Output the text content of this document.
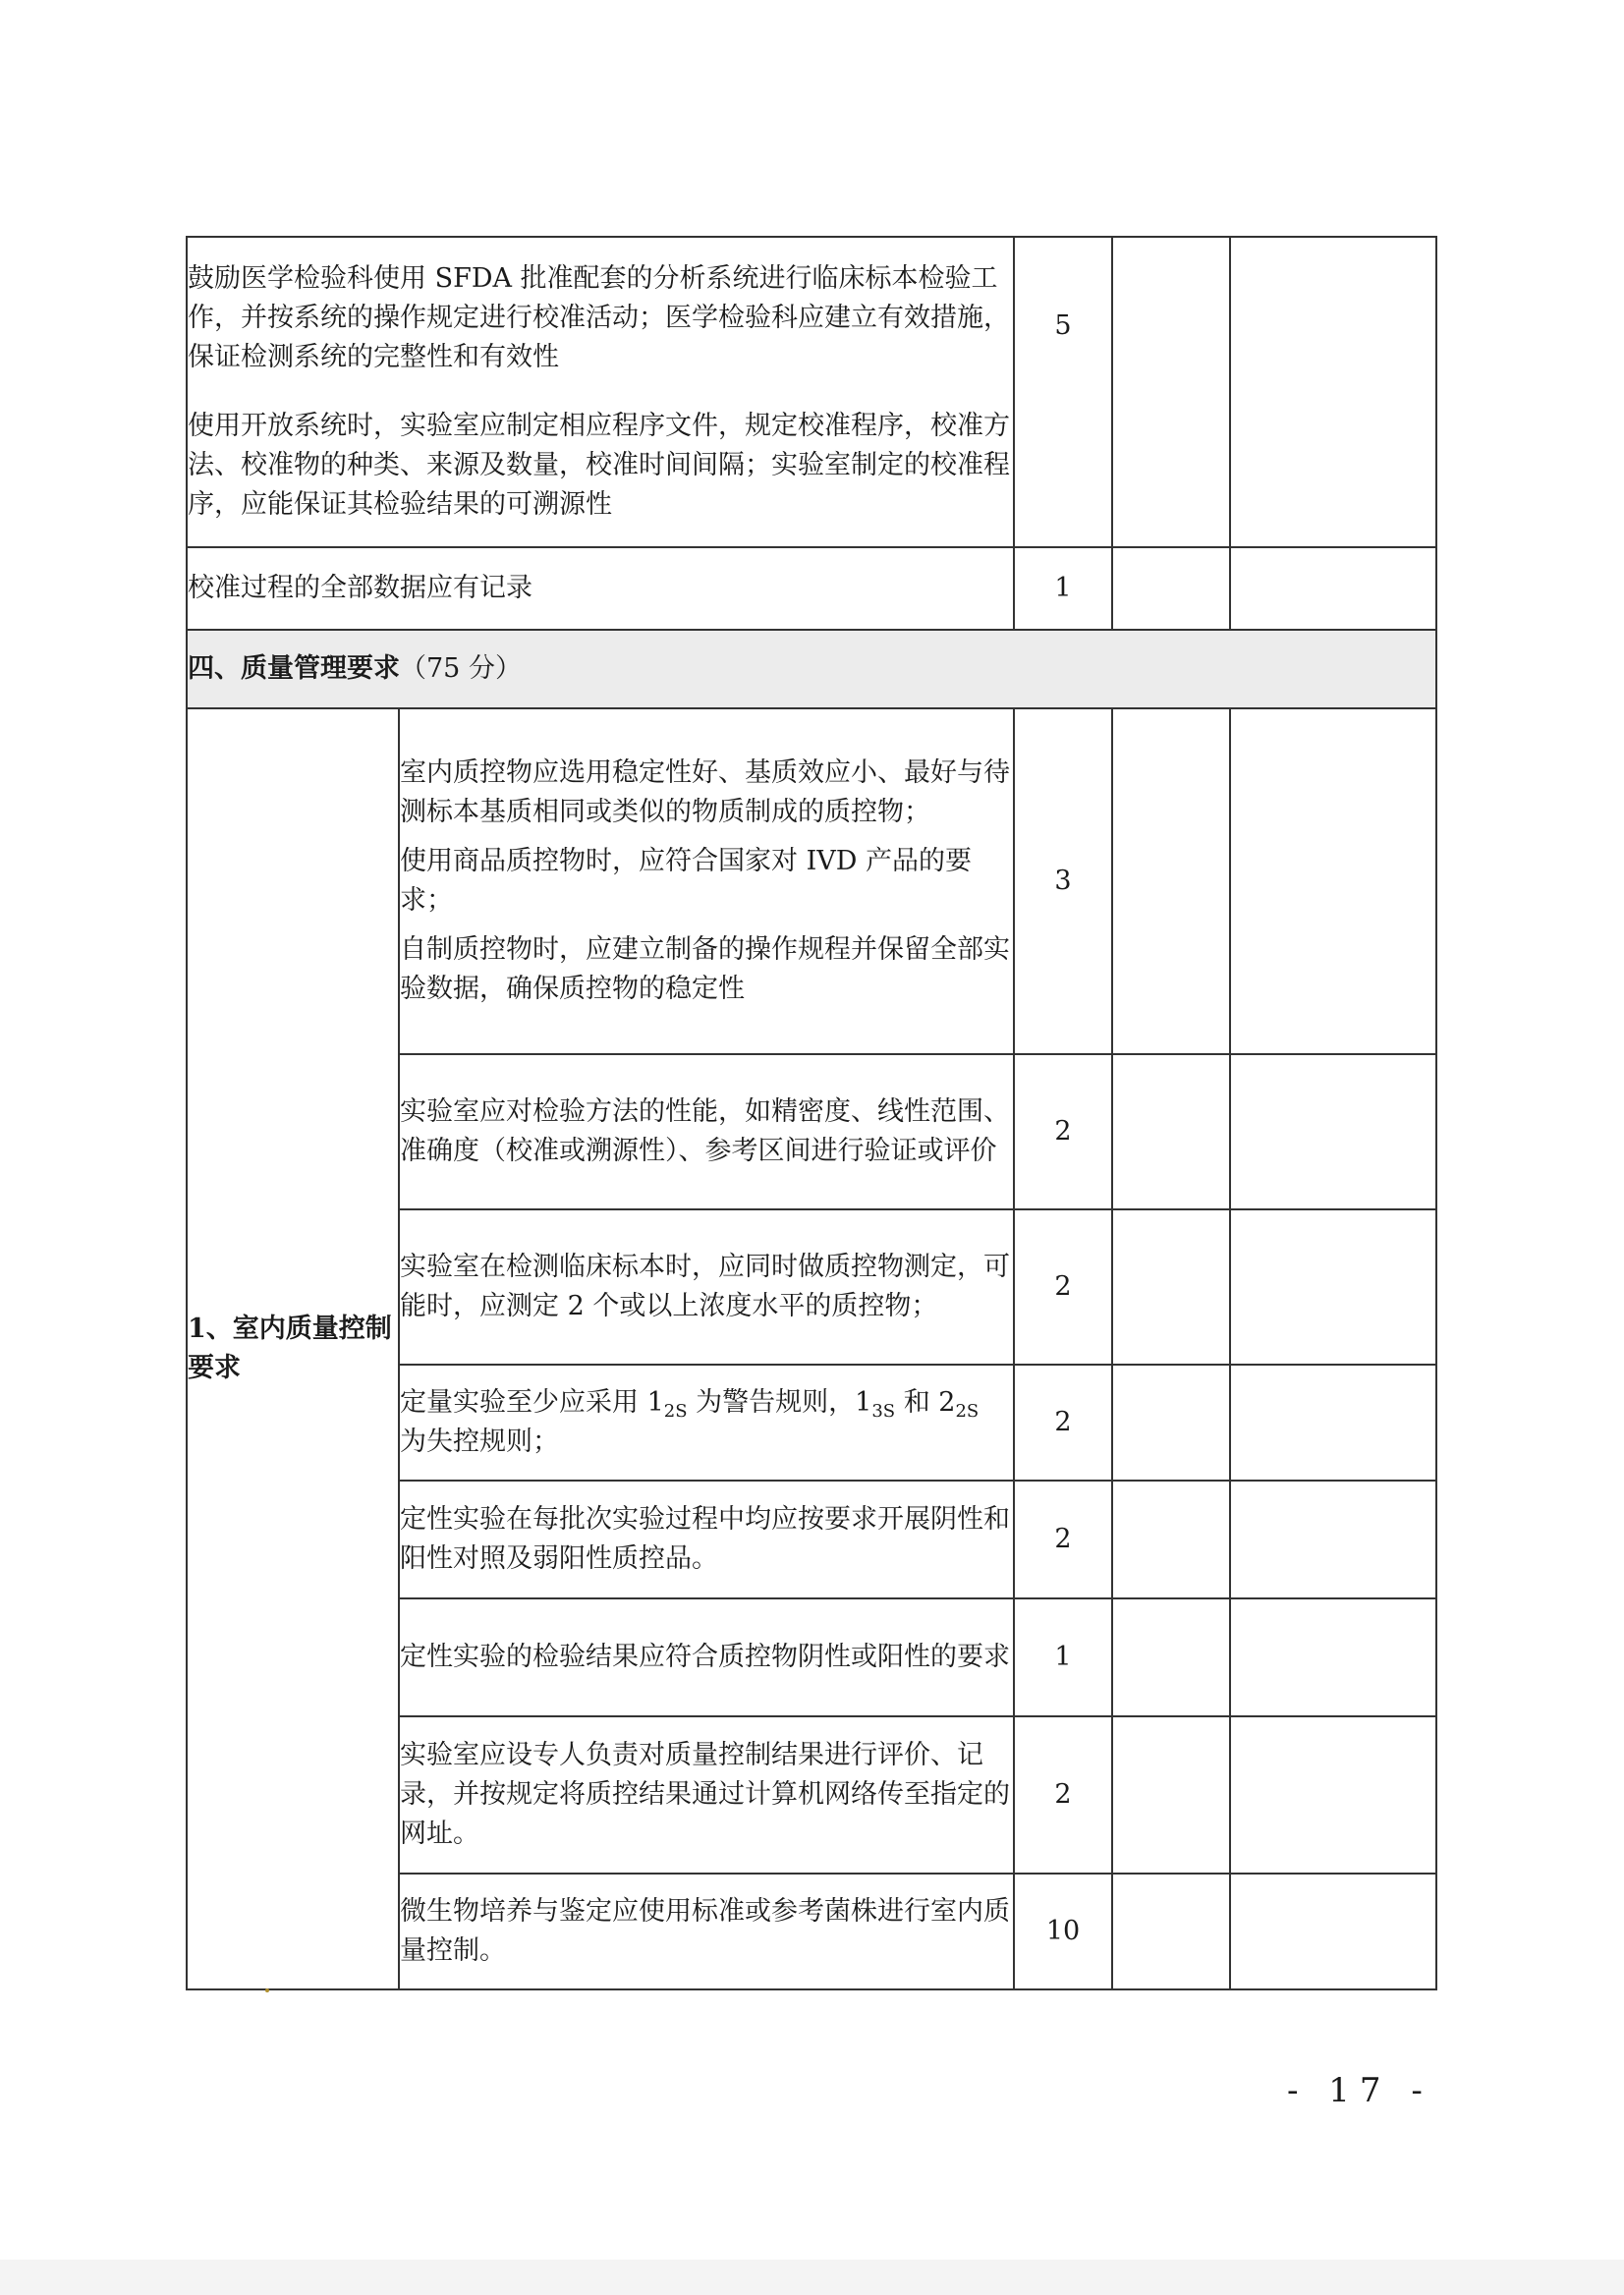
鼓励医学检验科使用 SFDA 批准配套的分析系统进行临床标本检验工作，并按系统的操作规定进行校准活动；医学检验科应建立有效措施，保证检测系统的完整性和有效性

使用开放系统时，实验室应制定相应程序文件，规定校准程序，校准方法、校准物的种类、来源及数量，校准时间间隔；实验室制定的校准程序，应能保证其检验结果的可溯源性		5		

校准过程的全部数据应有记录		1		
四、质量管理要求（75 分）				
1、室内质量控制要求	室内质控物应选用稳定性好、基质效应小、最好与待测标本基质相同或类似的物质制成的质控物；

使用商品质控物时，应符合国家对 IVD 产品的要求；

自制质控物时，应建立制备的操作规程并保留全部实验数据，确保质控物的稳定性	3		

	实验室应对检验方法的性能，如精密度、线性范围、准确度（校准或溯源性）、参考区间进行验证或评价	2		

	实验室在检测临床标本时，应同时做质控物测定，可能时，应测定 2 个或以上浓度水平的质控物；	2		

	定量实验至少应采用 $1_{2S}$ 为警告规则，$1_{3S}$ 和 $2_{2S}$ 为失控规则；	2		

	定性实验在每批次实验过程中均应按要求开展阴性和阳性对照及弱阳性质控品。	2		

	定性实验的检验结果应符合质控物阴性或阳性的要求	1		

	实验室应设专人负责对质量控制结果进行评价、记录，并按规定将质控结果通过计算机网络传至指定的网址。	2		

	微生物培养与鉴定应使用标准或参考菌株进行室内质量控制。	10		
- 17 -
